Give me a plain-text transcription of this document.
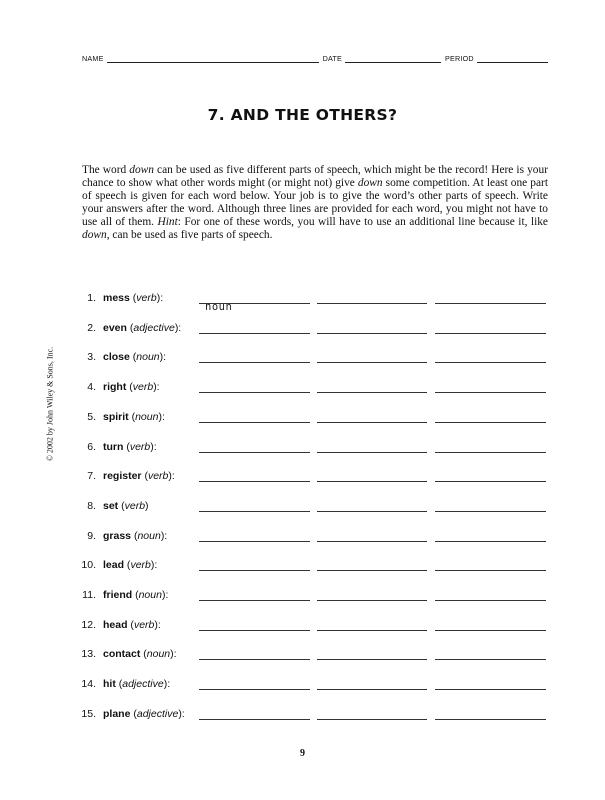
NAME	DATE	PERIOD
7. AND THE OTHERS?
The word down can be used as five different parts of speech, which might be the record! Here is your chance to show what other words might (or might not) give down some competition. At least one part of speech is given for each word below. Your job is to give the word’s other parts of speech. Write your answers after the word. Although three lines are provided for each word, you might not have to use all of them. Hint: For one of these words, you will have to use an additional line because it, like down, can be used as five parts of speech.
© 2002 by John Wiley & Sons, Inc.
1. mess (verb):
noun
2. even (adjective):
3. close (noun):
4. right (verb):
5. spirit (noun):
6. turn (verb):
7. register (verb):
8. set (verb)
9. grass (noun):
10. lead (verb):
11. friend (noun):
12. head (verb):
13. contact (noun):
14. hit (adjective):
15. plane (adjective):
9
